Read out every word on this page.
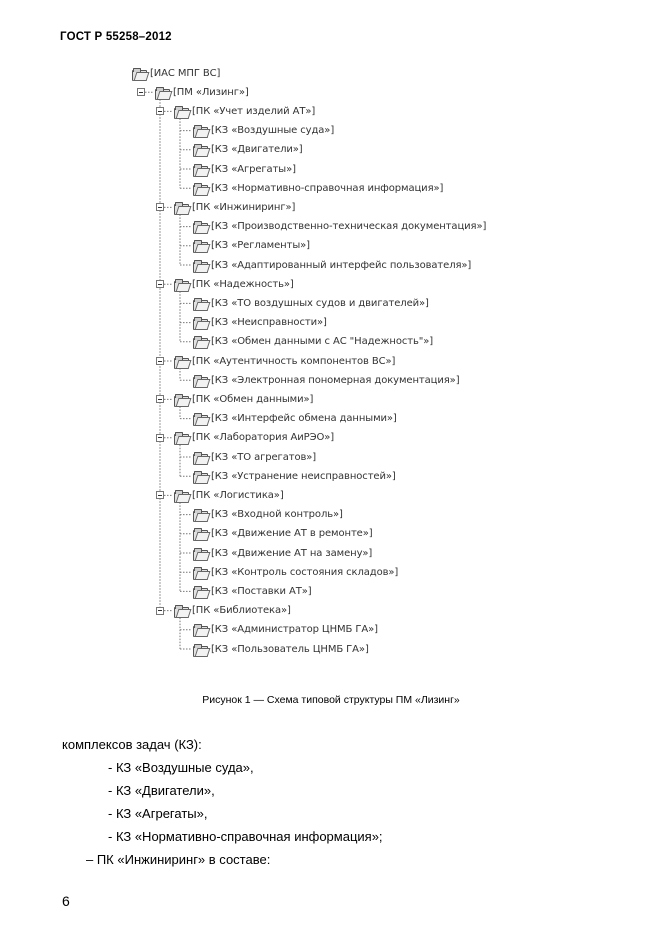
ГОСТ Р 55258–2012
[ИАС МПГ ВС]
[ПМ «Лизинг»]
[ПК «Учет изделий АТ»]
[КЗ «Воздушные суда»]
[КЗ «Двигатели»]
[КЗ «Агрегаты»]
[КЗ «Нормативно-справочная информация»]
[ПК «Инжиниринг»]
[КЗ «Производственно-техническая документация»]
[КЗ «Регламенты»]
[КЗ «Адаптированный интерфейс пользователя»]
[ПК «Надежность»]
[КЗ «ТО воздушных судов и двигателей»]
[КЗ «Неисправности»]
[КЗ «Обмен данными с АС "Надежность"»]
[ПК «Аутентичность компонентов ВС»]
[КЗ «Электронная пономерная документация»]
[ПК «Обмен данными»]
[КЗ «Интерфейс обмена данными»]
[ПК «Лаборатория АиРЭО»]
[КЗ «ТО агрегатов»]
[КЗ «Устранение неисправностей»]
[ПК «Логистика»]
[КЗ «Входной контроль»]
[КЗ «Движение АТ в ремонте»]
[КЗ «Движение АТ на замену»]
[КЗ «Контроль состояния складов»]
[КЗ «Поставки АТ»]
[ПК «Библиотека»]
[КЗ «Администратор ЦНМБ ГА»]
[КЗ «Пользователь ЦНМБ ГА»]
Рисунок 1 — Схема типовой структуры ПМ «Лизинг»
комплексов задач (КЗ):
- КЗ «Воздушные суда»,
- КЗ «Двигатели»,
- КЗ «Агрегаты»,
- КЗ «Нормативно-справочная информация»;
– ПК «Инжиниринг» в составе:
6
